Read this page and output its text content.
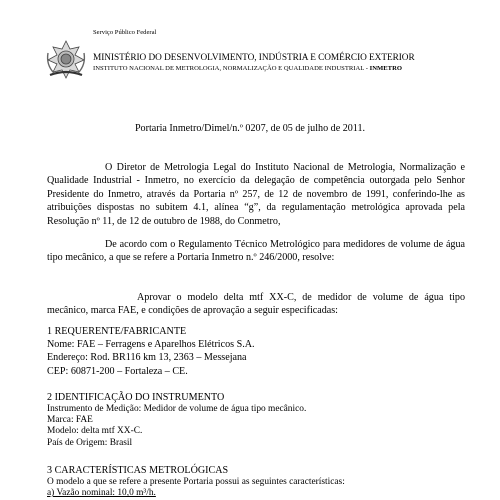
Serviço Público Federal
MINISTÉRIO DO DESENVOLVIMENTO, INDÚSTRIA E COMÉRCIO EXTERIOR
INSTITUTO NACIONAL DE METROLOGIA, NORMALIZAÇÃO E QUALIDADE INDUSTRIAL - INMETRO
Portaria Inmetro/Dimel/n.º 0207, de 05 de julho de 2011.
O Diretor de Metrologia Legal do Instituto Nacional de Metrologia, Normalização e Qualidade Industrial - Inmetro, no exercício da delegação de competência outorgada pelo Senhor Presidente do Inmetro, através da Portaria nº 257, de 12 de novembro de 1991, conferindo-lhe as atribuições dispostas no subitem 4.1, alínea “g”, da regulamentação metrológica aprovada pela Resolução nº 11, de 12 de outubro de 1988, do Conmetro,
De acordo com o Regulamento Técnico Metrológico para medidores de volume de água tipo mecânico, a que se refere a Portaria Inmetro n.º 246/2000, resolve:
Aprovar o modelo delta mtf XX-C, de medidor de volume de água tipo mecânico, marca FAE, e condições de aprovação a seguir especificadas:
1 REQUERENTE/FABRICANTE
Nome: FAE – Ferragens e Aparelhos Elétricos S.A.
Endereço: Rod. BR116 km 13, 2363 – Messejana
CEP: 60871-200 – Fortaleza – CE.
2 IDENTIFICAÇÃO DO INSTRUMENTO
Instrumento de Medição: Medidor de volume de água tipo mecânico.
Marca: FAE
Modelo: delta mtf XX-C.
País de Origem: Brasil
3 CARACTERÍSTICAS METROLÓGICAS
O modelo a que se refere a presente Portaria possui as seguintes características:
a) Vazão nominal: 10,0 m³/h.
